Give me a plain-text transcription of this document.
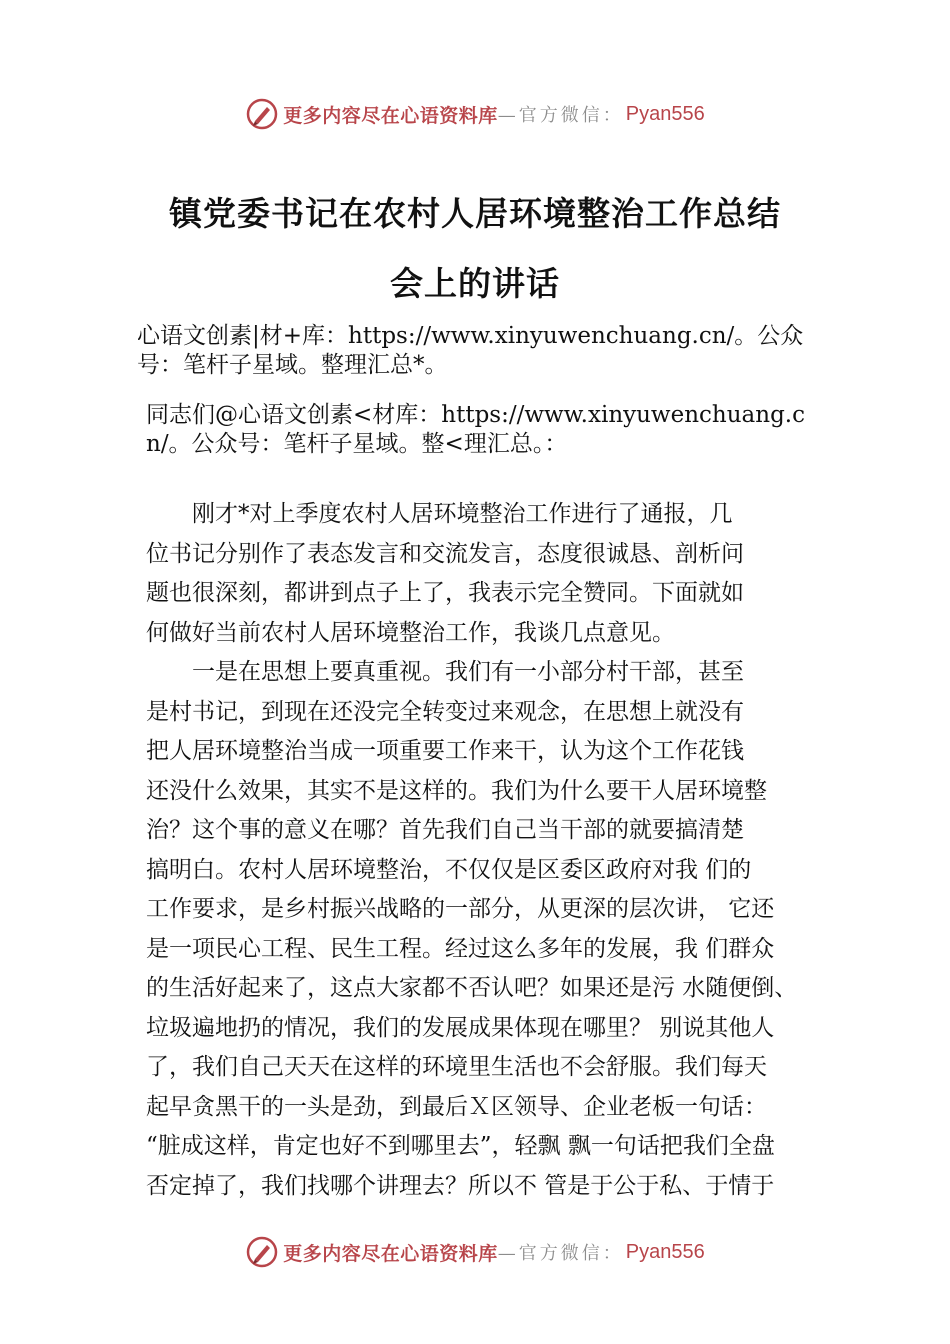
更多内容尽在心语资料库 —官方微信： Pyan556
镇党委书记在农村人居环境整治工作总结
会上的讲话
心语文创素|材+库：https://www.xinyuwenchuang.cn/。公众号：笔杆子星域。整理汇总*。
同志们@心语文创素<材库：https://www.xinyuwenchuang.cn/。公众号：笔杆子星域。整<理汇总。：
　　刚才*对上季度农村人居环境整治工作进行了通报，几
位书记分别作了表态发言和交流发言，态度很诚恳、剖析问
题也很深刻，都讲到点子上了，我表示完全赞同。下面就如
何做好当前农村人居环境整治工作，我谈几点意见。
　　一是在思想上要真重视。我们有一小部分村干部，甚至
是村书记，到现在还没完全转变过来观念，在思想上就没有
把人居环境整治当成一项重要工作来干，认为这个工作花钱
还没什么效果，其实不是这样的。我们为什么要干人居环境整
治？这个事的意义在哪？首先我们自己当干部的就要搞清楚
搞明白。农村人居环境整治，不仅仅是区委区政府对我 们的
工作要求，是乡村振兴战略的一部分，从更深的层次讲， 它还
是一项民心工程、民生工程。经过这么多年的发展，我 们群众
的生活好起来了，这点大家都不否认吧？如果还是污 水随便倒、
垃圾遍地扔的情况，我们的发展成果体现在哪里？ 别说其他人
了，我们自己天天在这样的环境里生活也不会舒服。我们每天
起早贪黑干的一头是劲，到最后Ｘ区领导、企业老板一句话：
“脏成这样，肯定也好不到哪里去”，轻飘 飘一句话把我们全盘
否定掉了，我们找哪个讲理去？所以不 管是于公于私、于情于
更多内容尽在心语资料库 —官方微信： Pyan556
